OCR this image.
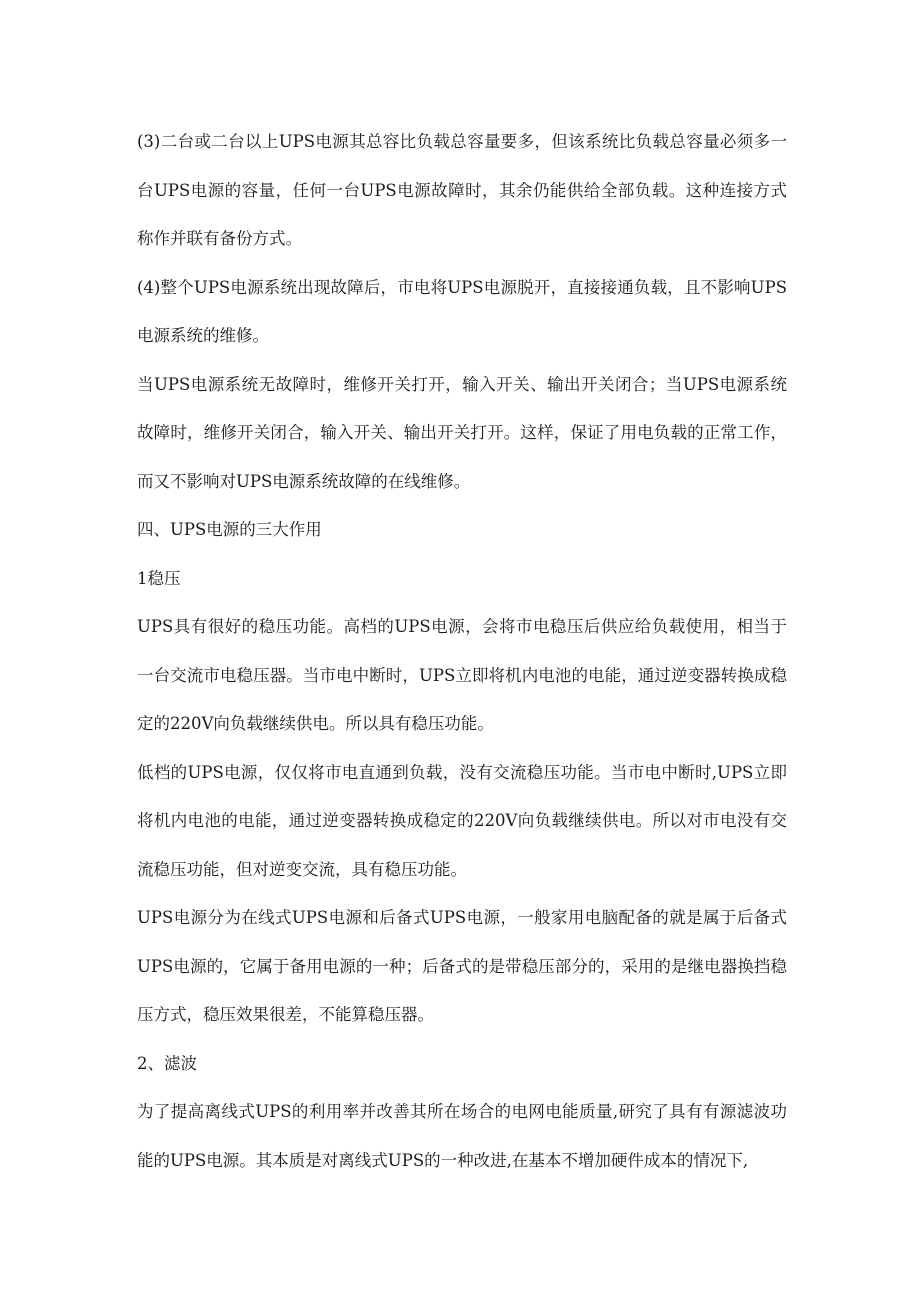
(3)二台或二台以上UPS电源其总容比负载总容量要多，但该系统比负载总容量必须多一台UPS电源的容量，任何一台UPS电源故障时，其余仍能供给全部负载。这种连接方式称作并联有备份方式。

(4)整个UPS电源系统出现故障后，市电将UPS电源脱开，直接接通负载，且不影响UPS电源系统的维修。

当UPS电源系统无故障时，维修开关打开，输入开关、输出开关闭合；当UPS电源系统故障时，维修开关闭合，输入开关、输出开关打开。这样，保证了用电负载的正常工作，而又不影响对UPS电源系统故障的在线维修。

四、UPS电源的三大作用

1稳压

UPS具有很好的稳压功能。高档的UPS电源，会将市电稳压后供应给负载使用，相当于一台交流市电稳压器。当市电中断时，UPS立即将机内电池的电能，通过逆变器转换成稳定的220V向负载继续供电。所以具有稳压功能。

低档的UPS电源，仅仅将市电直通到负载，没有交流稳压功能。当市电中断时,UPS立即将机内电池的电能，通过逆变器转换成稳定的220V向负载继续供电。所以对市电没有交流稳压功能，但对逆变交流，具有稳压功能。

UPS电源分为在线式UPS电源和后备式UPS电源，一般家用电脑配备的就是属于后备式UPS电源的，它属于备用电源的一种；后备式的是带稳压部分的，采用的是继电器换挡稳压方式，稳压效果很差，不能算稳压器。

2、滤波

为了提高离线式UPS的利用率并改善其所在场合的电网电能质量,研究了具有有源滤波功能的UPS电源。其本质是对离线式UPS的一种改进,在基本不增加硬件成本的情况下,
